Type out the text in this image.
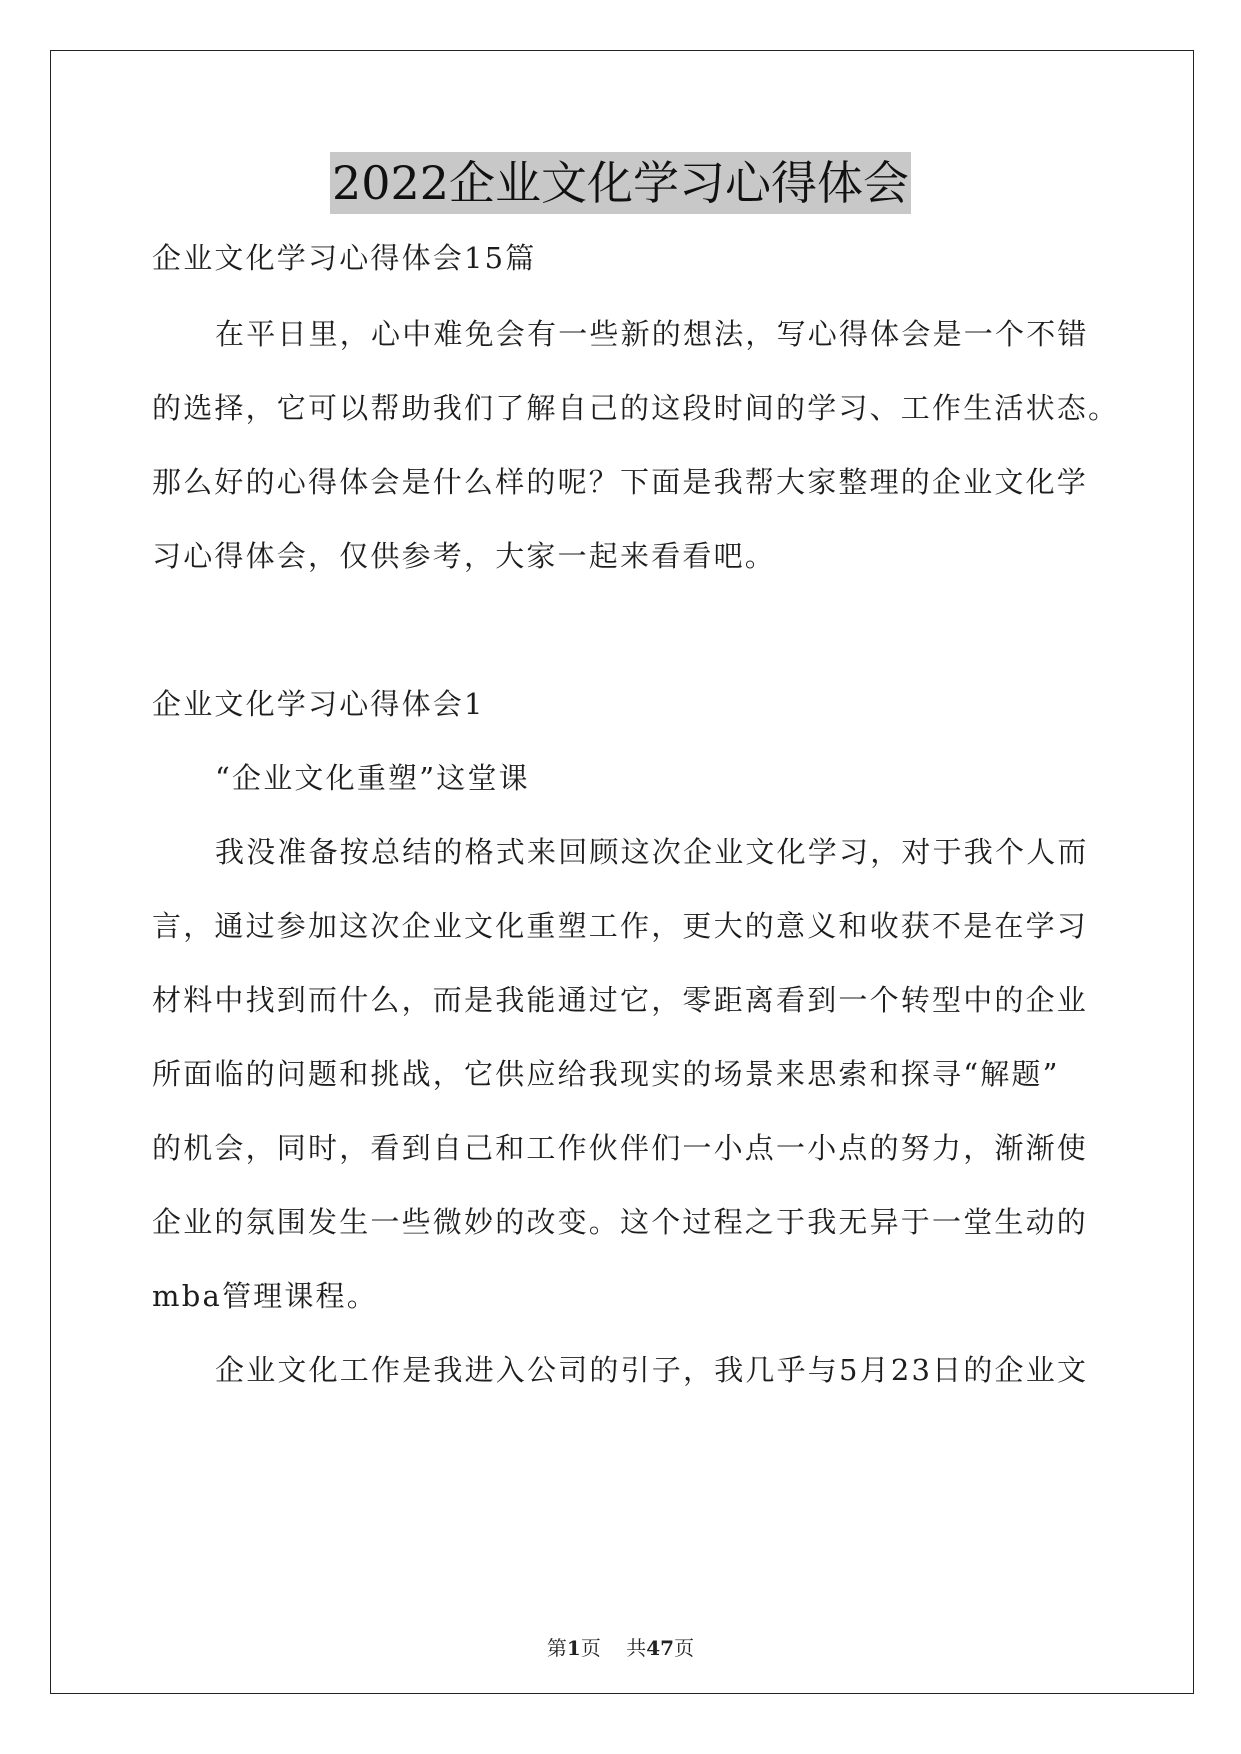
2022企业文化学习心得体会
企业文化学习心得体会15篇
在平日里，心中难免会有一些新的想法，写心得体会是一个不错
的选择，它可以帮助我们了解自己的这段时间的学习、工作生活状态。
那么好的心得体会是什么样的呢？下面是我帮大家整理的企业文化学
习心得体会，仅供参考，大家一起来看看吧。
企业文化学习心得体会1
“企业文化重塑”这堂课
我没准备按总结的格式来回顾这次企业文化学习，对于我个人而
言，通过参加这次企业文化重塑工作，更大的意义和收获不是在学习
材料中找到而什么，而是我能通过它，零距离看到一个转型中的企业
所面临的问题和挑战，它供应给我现实的场景来思索和探寻“解题”
的机会，同时，看到自己和工作伙伴们一小点一小点的努力，渐渐使
企业的氛围发生一些微妙的改变。这个过程之于我无异于一堂生动的
mba管理课程。
企业文化工作是我进入公司的引子，我几乎与5月23日的企业文
第1页 共47页
